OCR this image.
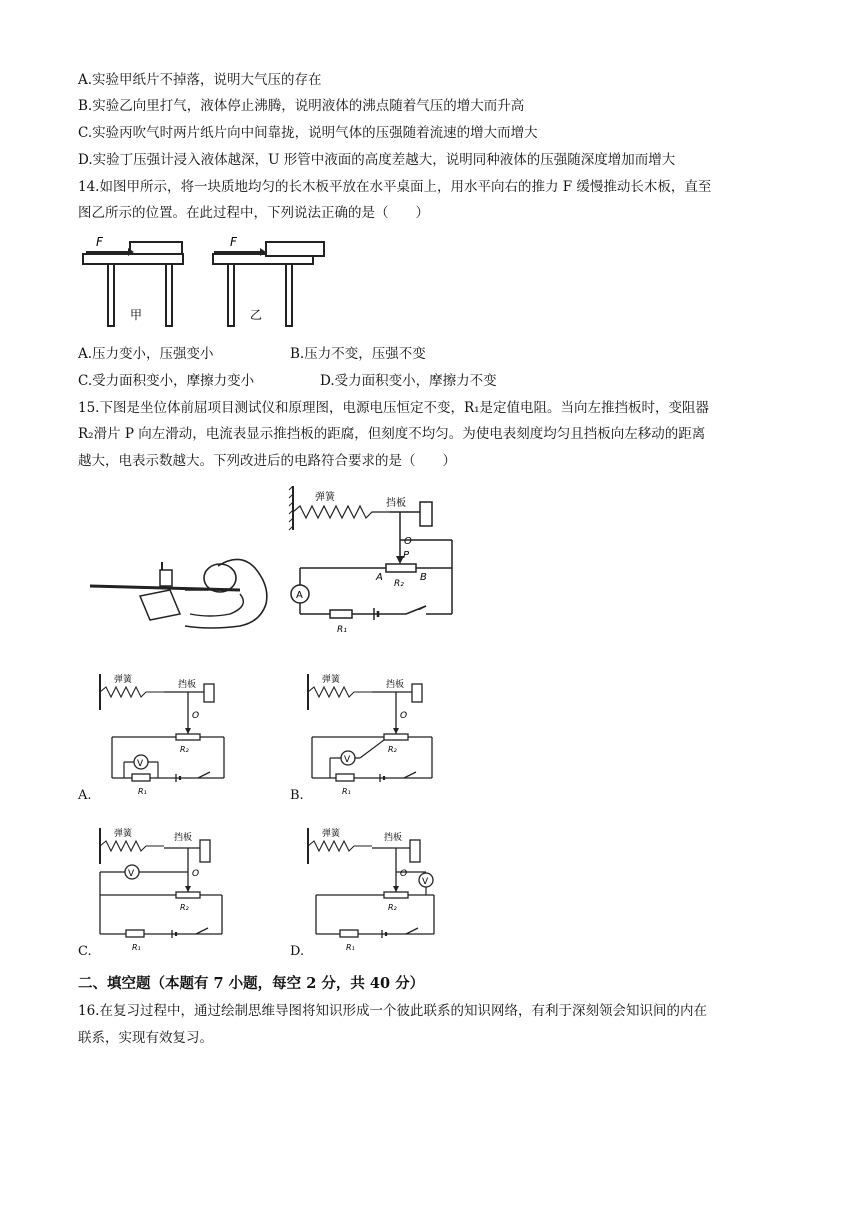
A.实验甲纸片不掉落，说明大气压的存在
B.实验乙向里打气，液体停止沸腾，说明液体的沸点随着气压的增大而升高
C.实验丙吹气时两片纸片向中间靠拢，说明气体的压强随着流速的增大而增大
D.实验丁压强计浸入液体越深，U 形管中液面的高度差越大，说明同种液体的压强随深度增加而增大
14.如图甲所示，将一块质地均匀的长木板平放在水平桌面上，用水平向右的推力 F 缓慢推动长木板，直至
图乙所示的位置。在此过程中，下列说法正确的是（　　）
F
甲
F
乙
A.压力变小，压强变小	B.压力不变，压强不变
C.受力面积变小，摩擦力变小	D.受力面积变小，摩擦力不变
15.下图是坐位体前屈项目测试仪和原理图，电源电压恒定不变，R₁是定值电阻。当向左推挡板时，变阻器
R₂滑片 P 向左滑动，电流表显示推挡板的距腐，但刻度不均匀。为使电表刻度均匀且挡板向左移动的距离
越大，电表示数越大。下列改进后的电路符合要求的是（　　）
弹簧
挡板
O
P
A	B
R₂
A
R₁
弹簧	挡板
O
R₂
R₁
V
A.
弹簧	挡板
O
R₂
V
R₁
B.
弹簧	挡板
V	O
R₂
R₁
C.
弹簧	挡板
V
O
R₂
R₁
D.
二、填空题（本题有 7 小题，每空 2 分，共 40 分）
16.在复习过程中，通过绘制思维导图将知识形成一个彼此联系的知识网络，有利于深刻领会知识间的内在
联系，实现有效复习。
